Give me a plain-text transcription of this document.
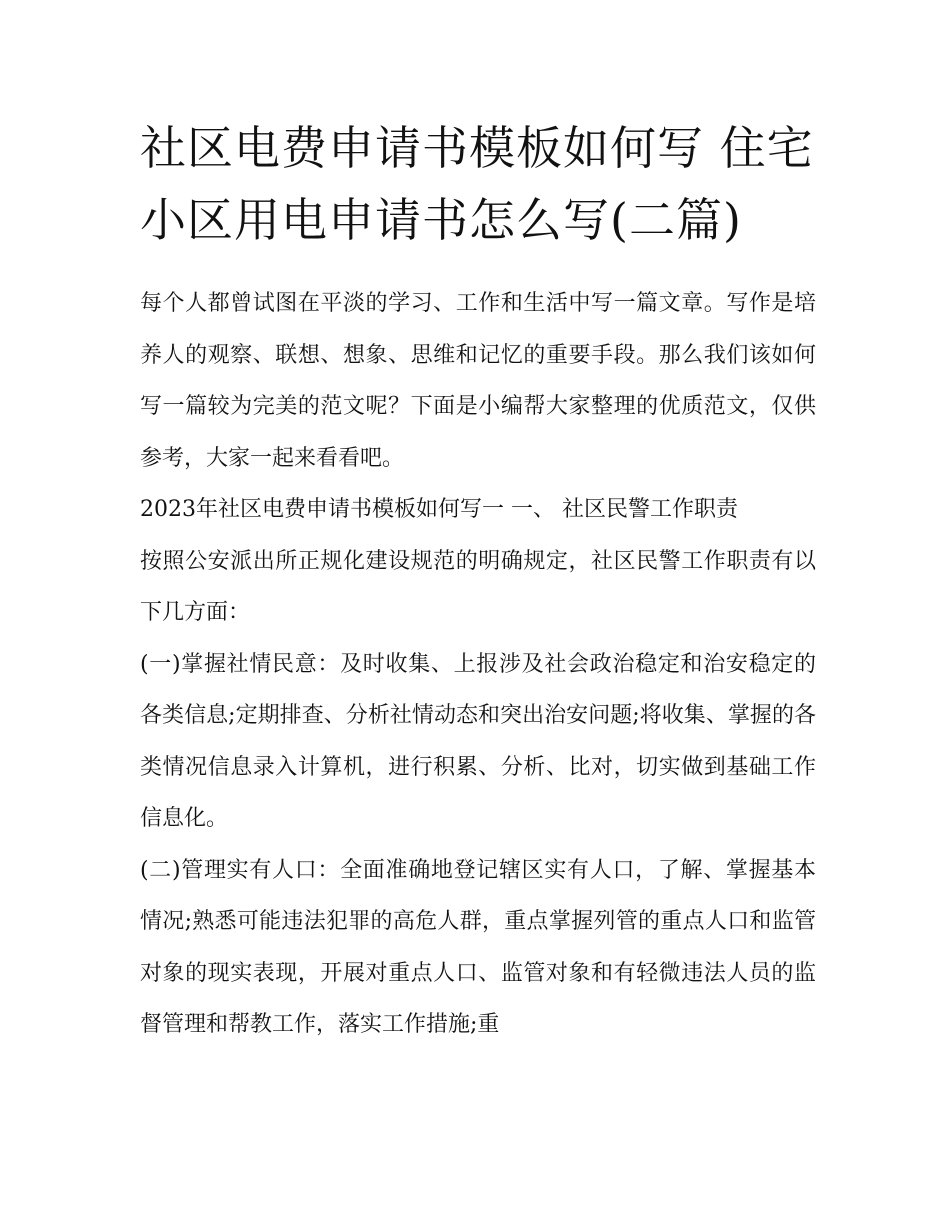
社区电费申请书模板如何写 住宅小区用电申请书怎么写(二篇)

每个人都曾试图在平淡的学习、工作和生活中写一篇文章。写作是培养人的观察、联想、想象、思维和记忆的重要手段。那么我们该如何写一篇较为完美的范文呢？下面是小编帮大家整理的优质范文，仅供参考，大家一起来看看吧。

2023年社区电费申请书模板如何写一 一、 社区民警工作职责

按照公安派出所正规化建设规范的明确规定，社区民警工作职责有以下几方面：

(一)掌握社情民意：及时收集、上报涉及社会政治稳定和治安稳定的各类信息;定期排查、分析社情动态和突出治安问题;将收集、掌握的各类情况信息录入计算机，进行积累、分析、比对，切实做到基础工作信息化。

(二)管理实有人口：全面准确地登记辖区实有人口，了解、掌握基本情况;熟悉可能违法犯罪的高危人群，重点掌握列管的重点人口和监管对象的现实表现，开展对重点人口、监管对象和有轻微违法人员的监督管理和帮教工作，落实工作措施;重
